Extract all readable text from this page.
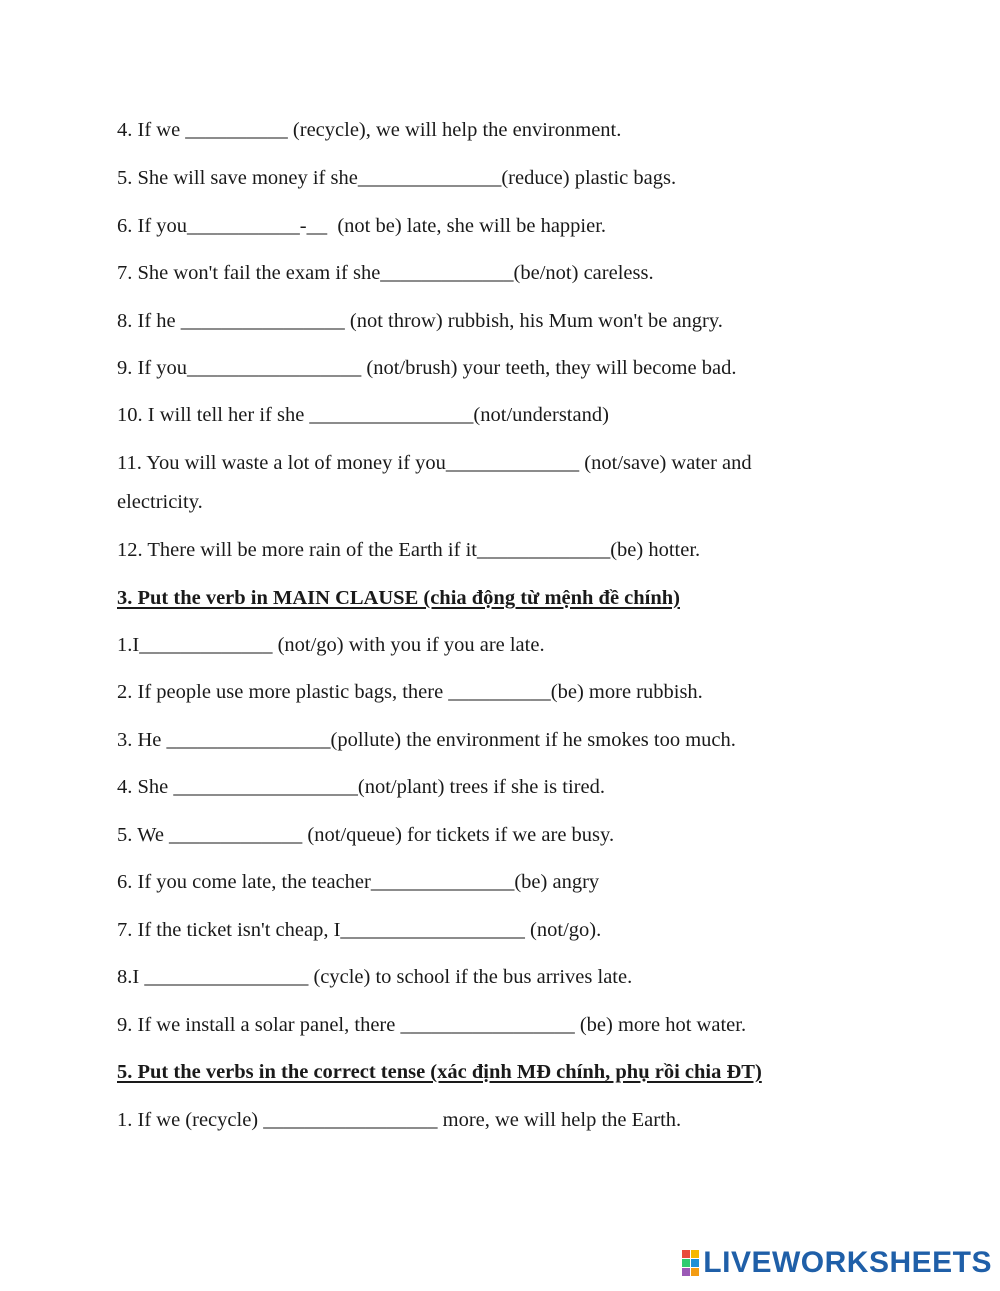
4. If we __________ (recycle), we will help the environment.

5. She will save money if she______________(reduce) plastic bags.

6. If you___________-__  (not be) late, she will be happier.

7. She won't fail the exam if she_____________(be/not) careless.

8. If he ________________ (not throw) rubbish, his Mum won't be angry.

9. If you_________________ (not/brush) your teeth, they will become bad.

10. I will tell her if she ________________(not/understand)

11. You will waste a lot of money if you_____________ (not/save) water and

electricity.

12. There will be more rain of the Earth if it_____________(be) hotter.

3. Put the verb in MAIN CLAUSE (chia động từ mệnh đề chính)

1.I_____________ (not/go) with you if you are late.

2. If people use more plastic bags, there __________(be) more rubbish.

3. He ________________(pollute) the environment if he smokes too much.

4. She __________________(not/plant) trees if she is tired.

5. We _____________ (not/queue) for tickets if we are busy.

6. If you come late, the teacher______________(be) angry

7. If the ticket isn't cheap, I__________________ (not/go).

8.I ________________ (cycle) to school if the bus arrives late.

9. If we install a solar panel, there _________________ (be) more hot water.

5. Put the verbs in the correct tense (xác định MĐ chính, phụ rồi chia ĐT)

1. If we (recycle) _________________ more, we will help the Earth.

LIVEWORKSHEETS
